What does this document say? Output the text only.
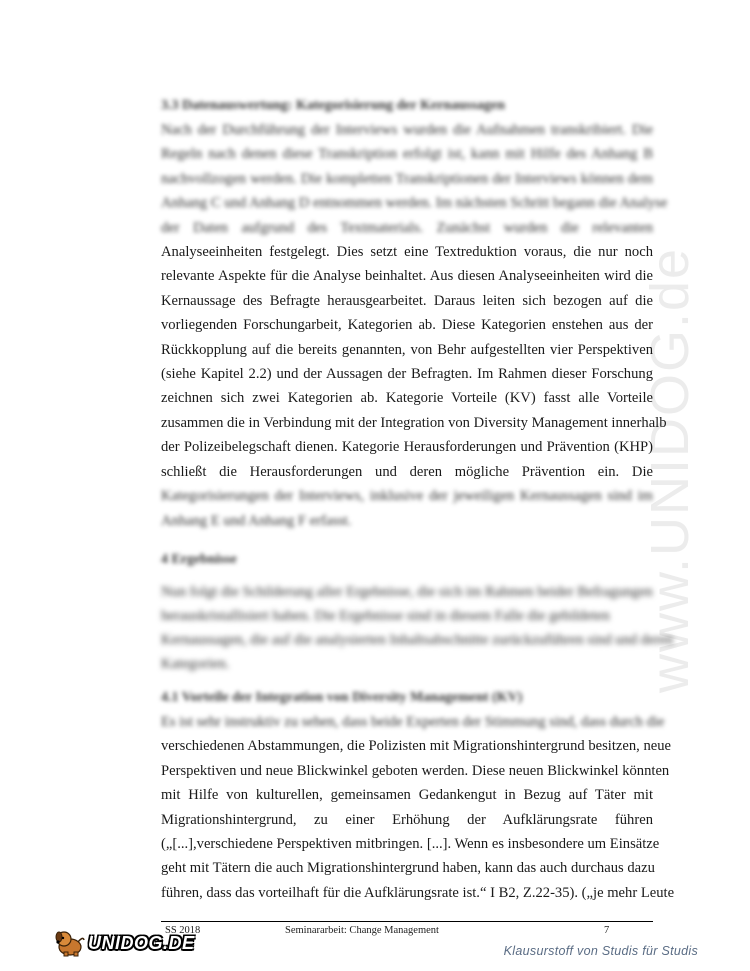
www.UNIDOG.de
3.3 Datenauswertung: Kategorisierung der Kernaussagen
Nach der Durchführung der Interviews wurden die Aufnahmen transkribiert. Die
Regeln nach denen diese Transkription erfolgt ist, kann mit Hilfe des Anhang B
nachvollzogen werden. Die kompletten Transkriptionen der Interviews können dem
Anhang C und Anhang D entnommen werden. Im nächsten Schritt begann die Analyse
der Daten aufgrund des Textmaterials. Zunächst wurden die relevanten
Analyseeinheiten festgelegt. Dies setzt eine Textreduktion voraus, die nur noch
relevante Aspekte für die Analyse beinhaltet. Aus diesen Analyseeinheiten wird die
Kernaussage des Befragte herausgearbeitet. Daraus leiten sich bezogen auf die
vorliegenden Forschungarbeit, Kategorien ab. Diese Kategorien enstehen aus der
Rückkopplung auf die bereits genannten, von Behr aufgestellten vier Perspektiven
(siehe Kapitel 2.2) und der Aussagen der Befragten. Im Rahmen dieser Forschung
zeichnen sich zwei Kategorien ab. Kategorie Vorteile (KV) fasst alle Vorteile
zusammen die in Verbindung mit der Integration von Diversity Management innerhalb
der Polizeibelegschaft dienen. Kategorie Herausforderungen und Prävention (KHP)
schließt die Herausforderungen und deren mögliche Prävention ein. Die
Kategorisierungen der Interviews, inklusive der jeweiligen Kernaussagen sind im
Anhang E und Anhang F erfasst.
4 Ergebnisse
Nun folgt die Schilderung aller Ergebnisse, die sich im Rahmen beider Befragungen
herauskristallisiert haben. Die Ergebnisse sind in diesem Falle die gebildeten
Kernaussagen, die auf die analysierten Inhaltsabschnitte zurückzuführen sind und deren
Kategorien.
4.1 Vorteile der Integration von Diversity Management (KV)
Es ist sehr instruktiv zu sehen, dass beide Experten der Stimmung sind, dass durch die
verschiedenen Abstammungen, die Polizisten mit Migrationshintergrund besitzen, neue
Perspektiven und neue Blickwinkel geboten werden. Diese neuen Blickwinkel könnten
mit Hilfe von kulturellen, gemeinsamen Gedankengut in Bezug auf Täter mit
Migrationshintergrund, zu einer Erhöhung der Aufklärungsrate führen
(„[...],verschiedene Perspektiven mitbringen. [...]. Wenn es insbesondere um Einsätze
geht mit Tätern die auch Migrationshintergrund haben, kann das auch durchaus dazu
führen, dass das vorteilhaft für die Aufklärungsrate ist.“ I B2, Z.22-35). („je mehr Leute
SS 2018	Seminararbeit: Change Management	7
UNIDOG.DE	Klausurstoff von Studis für Studis
